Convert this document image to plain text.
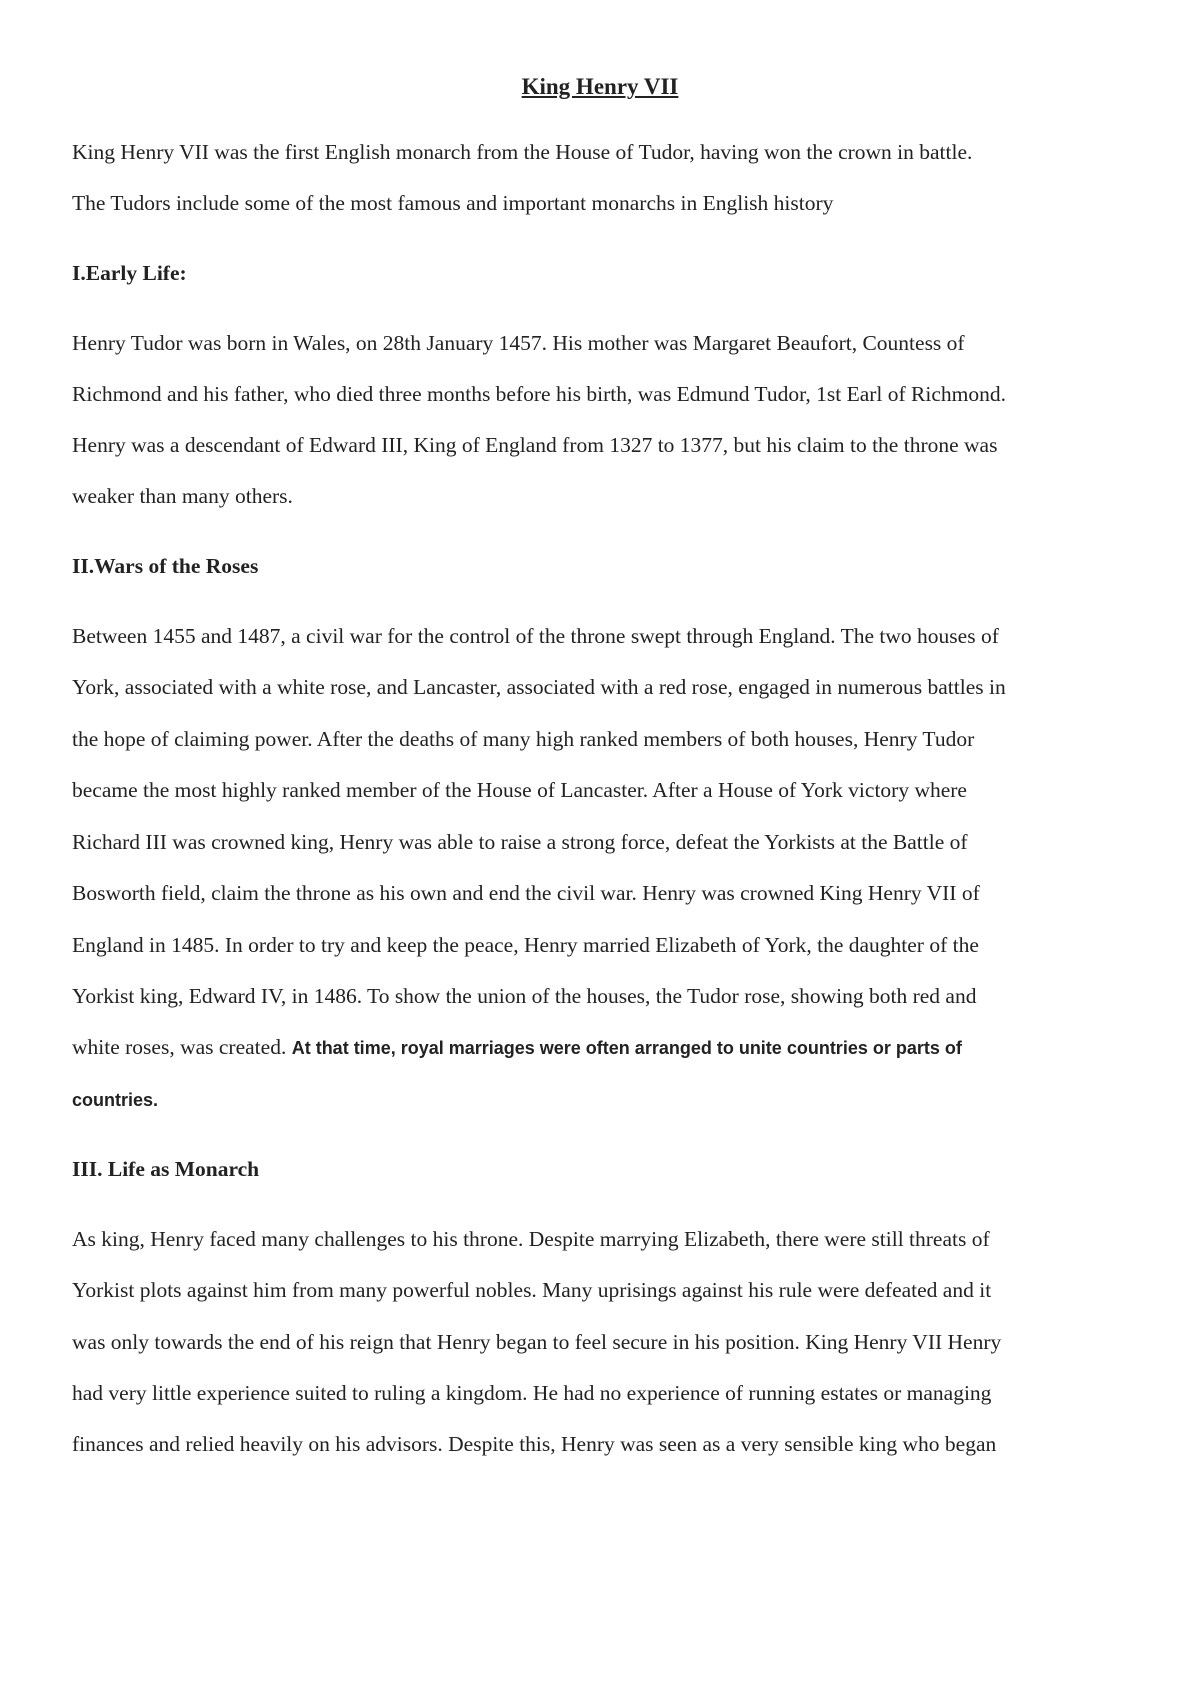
King Henry VII

King Henry VII was the first English monarch from the House of Tudor, having won the crown in battle.

The Tudors include some of the most famous and important monarchs in English history

I.Early Life:

Henry Tudor was born in Wales, on 28th January 1457. His mother was Margaret Beaufort, Countess of

Richmond and his father, who died three months before his birth, was Edmund Tudor, 1st Earl of Richmond.

Henry was a descendant of Edward III, King of England from 1327 to 1377, but his claim to the throne was

weaker than many others.

II.Wars of the Roses

Between 1455 and 1487, a civil war for the control of the throne swept through England. The two houses of

York, associated with a white rose, and Lancaster, associated with a red rose, engaged in numerous battles in

the hope of claiming power. After the deaths of many high ranked members of both houses, Henry Tudor

became the most highly ranked member of the House of Lancaster. After a House of York victory where

Richard III was crowned king, Henry was able to raise a strong force, defeat the Yorkists at the Battle of

Bosworth field, claim the throne as his own and end the civil war. Henry was crowned King Henry VII of

England in 1485. In order to try and keep the peace, Henry married Elizabeth of York, the daughter of the

Yorkist king, Edward IV, in 1486. To show the union of the houses, the Tudor rose, showing both red and

white roses, was created. At that time, royal marriages were often arranged to unite countries or parts of

countries.

III. Life as Monarch

As king, Henry faced many challenges to his throne. Despite marrying Elizabeth, there were still threats of

Yorkist plots against him from many powerful nobles. Many uprisings against his rule were defeated and it

was only towards the end of his reign that Henry began to feel secure in his position. King Henry VII Henry

had very little experience suited to ruling a kingdom. He had no experience of running estates or managing

finances and relied heavily on his advisors. Despite this, Henry was seen as a very sensible king who began
